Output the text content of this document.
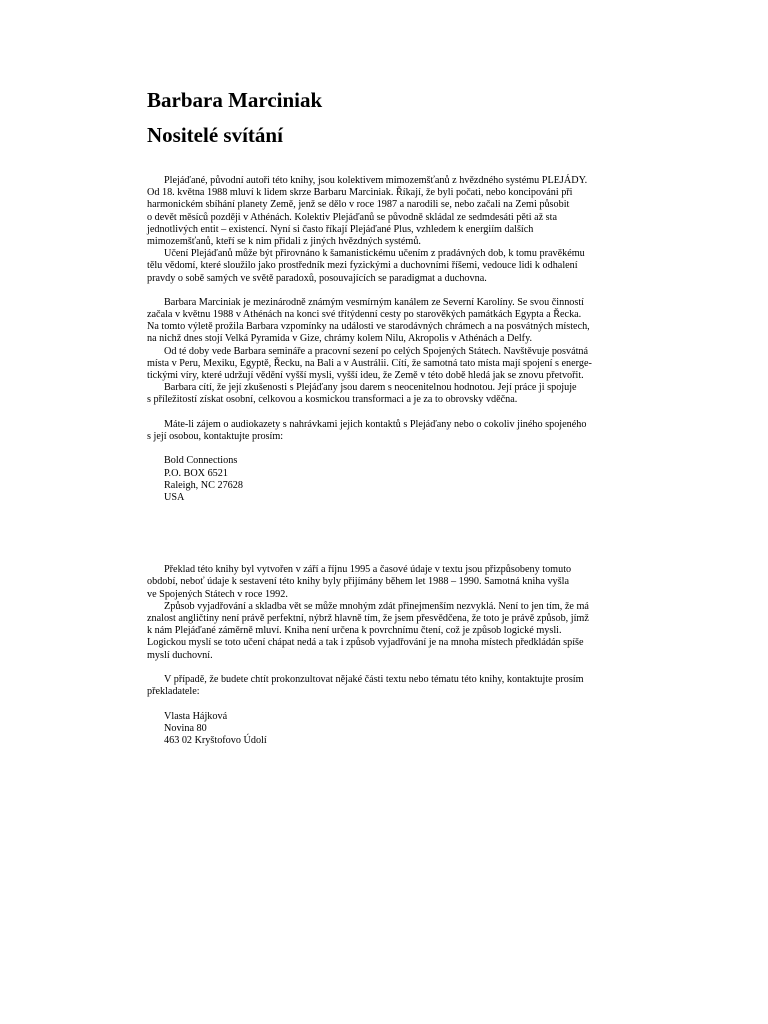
Barbara Marciniak
Nositelé svítání
Plejáďané, původní autoři této knihy, jsou kolektivem mimozemšťanů z hvězdného systému PLEJÁDY.
Od 18. května 1988 mluví k lidem skrze Barbaru Marciniak. Říkají, že byli počati, nebo koncipováni při
harmonickém sbíhání planety Země, jenž se dělo v roce 1987 a narodili se, nebo začali na Zemi působit
o devět měsíců později v Athénách. Kolektiv Plejáďanů se původně skládal ze sedmdesáti pěti až sta
jednotlivých entit – existencí. Nyní si často říkají Plejáďané Plus, vzhledem k energiím dalších
mimozemšťanů, kteří se k nim přidali z jiných hvězdných systémů.
Učení Plejáďanů může být přirovnáno k šamanistickému učením z pradávných dob, k tomu pravěkému
tělu vědomí, které sloužilo jako prostředník mezi fyzickými a duchovními říšemi, vedouce lidi k odhalení
pravdy o sobě samých ve světě paradoxů, posouvajících se paradigmat a duchovna.
Barbara Marciniak je mezinárodně známým vesmírným kanálem ze Severní Karolíny. Se svou činností
začala v květnu 1988 v Athénách na konci své třítýdenní cesty po starověkých památkách Egypta a Řecka.
Na tomto výletě prožila Barbara vzpomínky na události ve starodávných chrámech a na posvátných místech,
na nichž dnes stojí Velká Pyramida v Gize, chrámy kolem Nilu, Akropolis v Athénách a Delfy.
Od té doby vede Barbara semináře a pracovní sezení po celých Spojených Státech. Navštěvuje posvátná
místa v Peru, Mexiku, Egyptě, Řecku, na Bali a v Austrálii. Cítí, že samotná tato místa mají spojení s energe-
tickými víry, které udržují vědění vyšší mysli, vyšší ideu, že Země v této době hledá jak se znovu přetvořit.
Barbara cítí, že její zkušenosti s Plejáďany jsou darem s neocenitelnou hodnotou. Její práce ji spojuje
s příležitostí získat osobní, celkovou a kosmickou transformaci a je za to obrovsky vděčna.
Máte-li zájem o audiokazety s nahrávkami jejich kontaktů s Plejáďany nebo o cokoliv jiného spojeného
s její osobou, kontaktujte prosím:
Bold Connections
P.O. BOX 6521
Raleigh, NC 27628
USA
Překlad této knihy byl vytvořen v září a říjnu 1995 a časové údaje v textu jsou přizpůsobeny tomuto
období, neboť údaje k sestavení této knihy byly přijímány během let 1988 – 1990. Samotná kniha vyšla
ve Spojených Státech v roce 1992.
Způsob vyjadřování a skladba vět se může mnohým zdát přinejmenším nezvyklá. Není to jen tím, že má
znalost angličtiny není právě perfektní, nýbrž hlavně tím, že jsem přesvědčena, že toto je právě způsob, jímž
k nám Plejáďané záměrně mluví. Kniha není určena k povrchnímu čtení, což je způsob logické mysli.
Logickou myslí se toto učení chápat nedá a tak i způsob vyjadřování je na mnoha místech předkládán spíše
myslí duchovní.
V případě, že budete chtít prokonzultovat nějaké části textu nebo tématu této knihy, kontaktujte prosím
překladatele:
Vlasta Hájková
Novina 80
463 02 Kryštofovo Údolí
